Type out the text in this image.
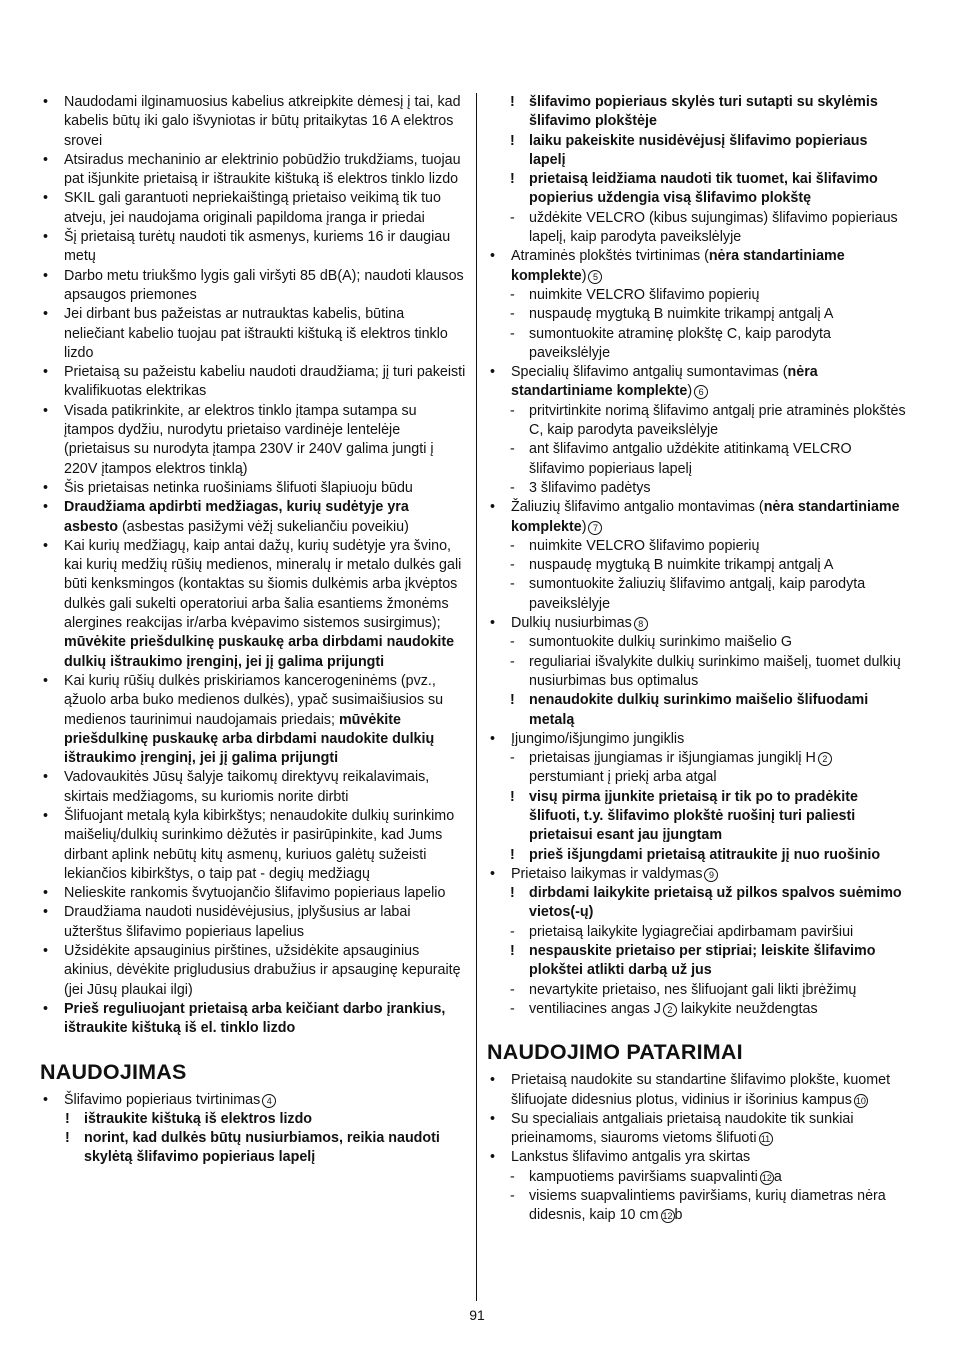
• Naudodami ilginamuosius kabelius atkreipkite dėmesį į tai, kad kabelis būtų iki galo išvyniotas ir būtų pritaikytas 16 A elektros srovei
• Atsiradus mechaninio ar elektrinio pobūdžio trukdžiams, tuojau pat išjunkite prietaisą ir ištraukite kištuką iš elektros tinklo lizdo
• SKIL gali garantuoti nepriekaištingą prietaiso veikimą tik tuo atveju, jei naudojama originali papildoma įranga ir priedai
• Šį prietaisą turėtų naudoti tik asmenys, kuriems 16 ir daugiau metų
• Darbo metu triukšmo lygis gali viršyti 85 dB(A); naudoti klausos apsaugos priemones
• Jei dirbant bus pažeistas ar nutrauktas kabelis, būtina neliečiant kabelio tuojau pat ištraukti kištuką iš elektros tinklo lizdo
• Prietaisą su pažeistu kabeliu naudoti draudžiama; jį turi pakeisti kvalifikuotas elektrikas
• Visada patikrinkite, ar elektros tinklo įtampa sutampa su įtampos dydžiu, nurodytu prietaiso vardinėje lentelėje (prietaisus su nurodyta įtampa 230V ir 240V galima jungti į 220V įtampos elektros tinklą)
• Šis prietaisas netinka ruošiniams šlifuoti šlapiuoju būdu
• Draudžiama apdirbti medžiagas, kurių sudėtyje yra asbesto (asbestas pasižymi vėžį sukeliančiu poveikiu)
• Kai kurių medžiagų, kaip antai dažų, kurių sudėtyje yra švino, kai kurių medžių rūšių medienos, mineralų ir metalo dulkės gali būti kenksmingos (kontaktas su šiomis dulkėmis arba įkvėptos dulkės gali sukelti operatoriui arba šalia esantiems žmonėms alergines reakcijas ir/arba kvėpavimo sistemos susirgimus); mūvėkite priešdulkinę puskaukę arba dirbdami naudokite dulkių ištraukimo įrenginį, jei jį galima prijungti
• Kai kurių rūšių dulkės priskiriamos kancerogeninėms (pvz., ąžuolo arba buko medienos dulkės), ypač susimaišiusios su medienos taurinimui naudojamais priedais; mūvėkite priešdulkinę puskaukę arba dirbdami naudokite dulkių ištraukimo įrenginį, jei jį galima prijungti
• Vadovaukitės Jūsų šalyje taikomų direktyvų reikalavimais, skirtais medžiagoms, su kuriomis norite dirbti
• Šlifuojant metalą kyla kibirkštys; nenaudokite dulkių surinkimo maišelių/dulkių surinkimo dėžutės ir pasirūpinkite, kad Jums dirbant aplink nebūtų kitų asmenų, kuriuos galėtų sužeisti lekiančios kibirkštys, o taip pat - degių medžiagų
• Nelieskite rankomis švytuojančio šlifavimo popieriaus lapelio
• Draudžiama naudoti nusidėvėjusius, įplyšusius ar labai užterštus šlifavimo popieriaus lapelius
• Užsidėkite apsauginius pirštines, užsidėkite apsauginius akinius, dėvėkite prigludusius drabužius ir apsauginę kepuraitę (jei Jūsų plaukai ilgi)
• Prieš reguliuojant prietaisą arba keičiant darbo įrankius, ištraukite kištuką iš el. tinklo lizdo
NAUDOJIMAS
• Šlifavimo popieriaus tvirtinimas 4
! ištraukite kištuką iš elektros lizdo
! norint, kad dulkės būtų nusiurbiamos, reikia naudoti skylėtą šlifavimo popieriaus lapelį
! šlifavimo popieriaus skylės turi sutapti su skylėmis šlifavimo plokštėje
! laiku pakeiskite nusidėvėjusį šlifavimo popieriaus lapelį
! prietaisą leidžiama naudoti tik tuomet, kai šlifavimo popierius uždengia visą šlifavimo plokštę
- uždėkite VELCRO (kibus sujungimas) šlifavimo popieriaus lapelį, kaip parodyta paveikslėlyje
• Atraminės plokštės tvirtinimas (nėra standartiniame komplekte) 5
- nuimkite VELCRO šlifavimo popierių
- nuspaudę mygtuką B nuimkite trikampį antgalį A
- sumontuokite atraminę plokštę C, kaip parodyta paveikslėlyje
• Specialių šlifavimo antgalių sumontavimas (nėra standartiniame komplekte) 6
- pritvirtinkite norimą šlifavimo antgalį prie atraminės plokštės C, kaip parodyta paveikslėlyje
- ant šlifavimo antgalio uždėkite atitinkamą VELCRO šlifavimo popieriaus lapelį
- 3 šlifavimo padėtys
• Žaliuzių šlifavimo antgalio montavimas (nėra standartiniame komplekte) 7
- nuimkite VELCRO šlifavimo popierių
- nuspaudę mygtuką B nuimkite trikampį antgalį A
- sumontuokite žaliuzių šlifavimo antgalį, kaip parodyta paveikslėlyje
• Dulkių nusiurbimas 8
- sumontuokite dulkių surinkimo maišelio G
- reguliariai išvalykite dulkių surinkimo maišelį, tuomet dulkių nusiurbimas bus optimalus
! nenaudokite dulkių surinkimo maišelio šlifuodami metalą
• Įjungimo/išjungimo jungiklis
- prietaisas įjungiamas ir išjungiamas jungiklį H 2 perstumiant į priekį arba atgal
! visų pirma įjunkite prietaisą ir tik po to pradėkite šlifuoti, t.y. šlifavimo plokštė ruošinį turi paliesti prietaisui esant jau įjungtam
! prieš išjungdami prietaisą atitraukite jį nuo ruošinio
• Prietaiso laikymas ir valdymas 9
! dirbdami laikykite prietaisą už pilkos spalvos suėmimo vietos(-ų)
- prietaisą laikykite lygiagrečiai apdirbamam paviršiui
! nespauskite prietaiso per stipriai; leiskite šlifavimo plokštei atlikti darbą už jus
- nevartykite prietaiso, nes šlifuojant gali likti įbrėžimų
- ventiliacines angas J 2 laikykite neuždengtas
NAUDOJIMO PATARIMAI
• Prietaisą naudokite su standartine šlifavimo plokšte, kuomet šlifuojate didesnius plotus, vidinius ir išorinius kampus 10
• Su specialiais antgaliais prietaisą naudokite tik sunkiai prieinamoms, siauroms vietoms šlifuoti 11
• Lankstus šlifavimo antgalis yra skirtas
- kampuotiems paviršiams suapvalinti 12 a
- visiems suapvalintiems paviršiams, kurių diametras nėra didesnis, kaip 10 cm 12 b
91
